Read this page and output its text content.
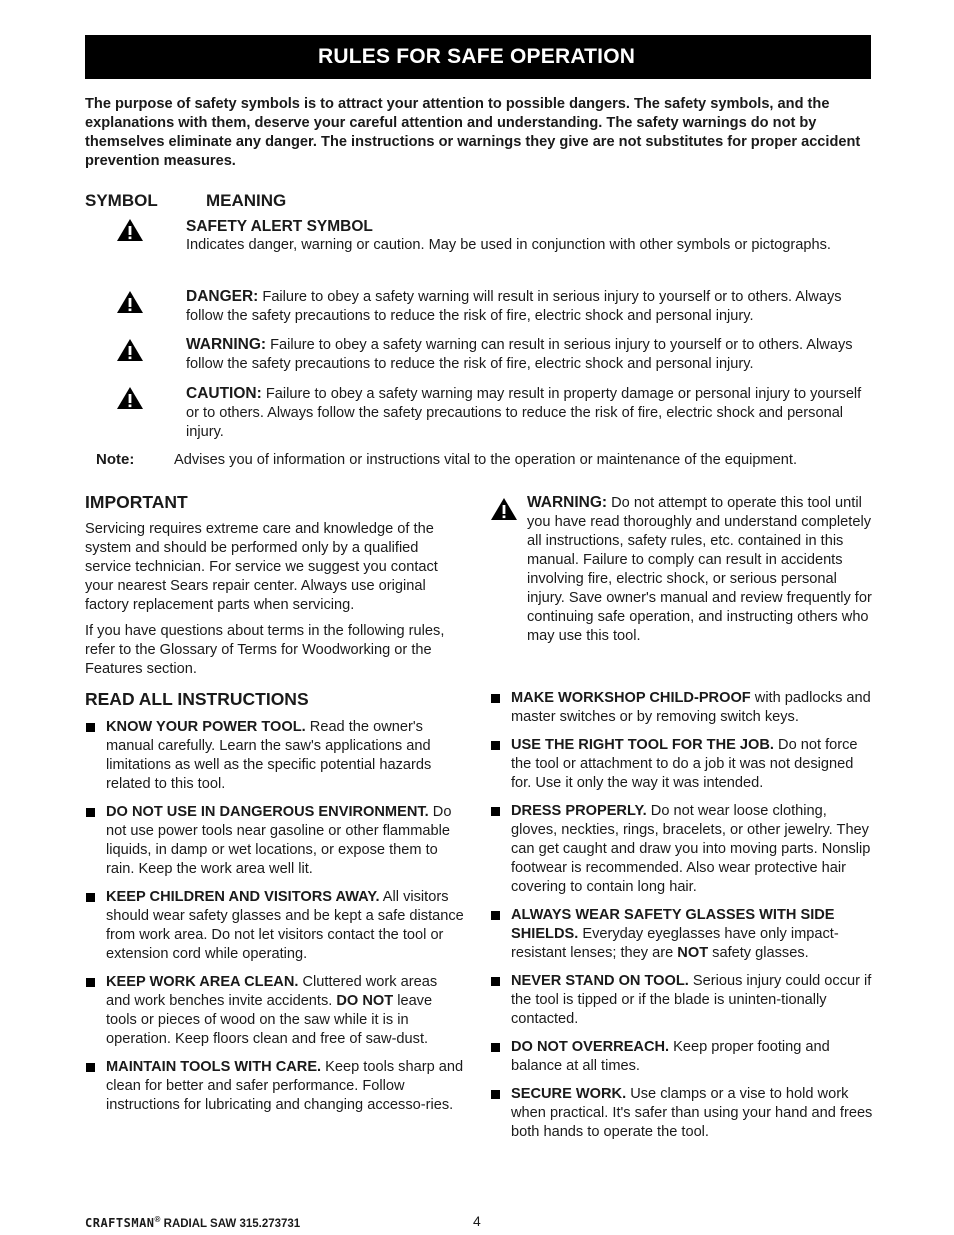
RULES FOR SAFE OPERATION

The purpose of safety symbols is to attract your attention to possible dangers. The safety symbols, and the explanations with them, deserve your careful attention and understanding. The safety warnings do not by themselves eliminate any danger. The instructions or warnings they give are not substitutes for proper accident prevention measures.

SYMBOL	MEANING
SAFETY ALERT SYMBOL
Indicates danger, warning or caution. May be used in conjunction with other symbols or pictographs.

DANGER: Failure to obey a safety warning will result in serious injury to yourself or to others. Always follow the safety precautions to reduce the risk of fire, electric shock and personal injury.

WARNING: Failure to obey a safety warning can result in serious injury to yourself or to others. Always follow the safety precautions to reduce the risk of fire, electric shock and personal injury.

CAUTION: Failure to obey a safety warning may result in property damage or personal injury to yourself or to others. Always follow the safety precautions to reduce the risk of fire, electric shock and personal injury.

Note:	Advises you of information or instructions vital to the operation or maintenance of the equipment.
IMPORTANT

Servicing requires extreme care and knowledge of the system and should be performed only by a qualified service technician. For service we suggest you contact your nearest Sears repair center. Always use original factory replacement parts when servicing.

If you have questions about terms in the following rules, refer to the Glossary of Terms for Woodworking or the Features section.

WARNING: Do not attempt to operate this tool until you have read thoroughly and understand completely all instructions, safety rules, etc. contained in this manual. Failure to comply can result in accidents involving fire, electric shock, or serious personal injury. Save owner's manual and review frequently for continuing safe operation, and instructing others who may use this tool.

READ ALL INSTRUCTIONS

KNOW YOUR POWER TOOL. Read the owner's manual carefully. Learn the saw's applications and limitations as well as the specific potential hazards related to this tool.

DO NOT USE IN DANGEROUS ENVIRONMENT. Do not use power tools near gasoline or other flammable liquids, in damp or wet locations, or expose them to rain. Keep the work area well lit.

KEEP CHILDREN AND VISITORS AWAY. All visitors should wear safety glasses and be kept a safe distance from work area. Do not let visitors contact the tool or extension cord while operating.

KEEP WORK AREA CLEAN. Cluttered work areas and work benches invite accidents. DO NOT leave tools or pieces of wood on the saw while it is in operation. Keep floors clean and free of saw-dust.

MAINTAIN TOOLS WITH CARE. Keep tools sharp and clean for better and safer performance. Follow instructions for lubricating and changing accesso-ries.

MAKE WORKSHOP CHILD-PROOF with padlocks and master switches or by removing switch keys.

USE THE RIGHT TOOL FOR THE JOB. Do not force the tool or attachment to do a job it was not designed for. Use it only the way it was intended.

DRESS PROPERLY. Do not wear loose clothing, gloves, neckties, rings, bracelets, or other jewelry. They can get caught and draw you into moving parts. Nonslip footwear is recommended. Also wear protective hair covering to contain long hair.

ALWAYS WEAR SAFETY GLASSES WITH SIDE SHIELDS. Everyday eyeglasses have only impact-resistant lenses; they are NOT safety glasses.

NEVER STAND ON TOOL. Serious injury could occur if the tool is tipped or if the blade is uninten-tionally contacted.

DO NOT OVERREACH. Keep proper footing and balance at all times.

SECURE WORK. Use clamps or a vise to hold work when practical. It's safer than using your hand and frees both hands to operate the tool.

CRAFTSMAN® RADIAL SAW 315.273731	4
